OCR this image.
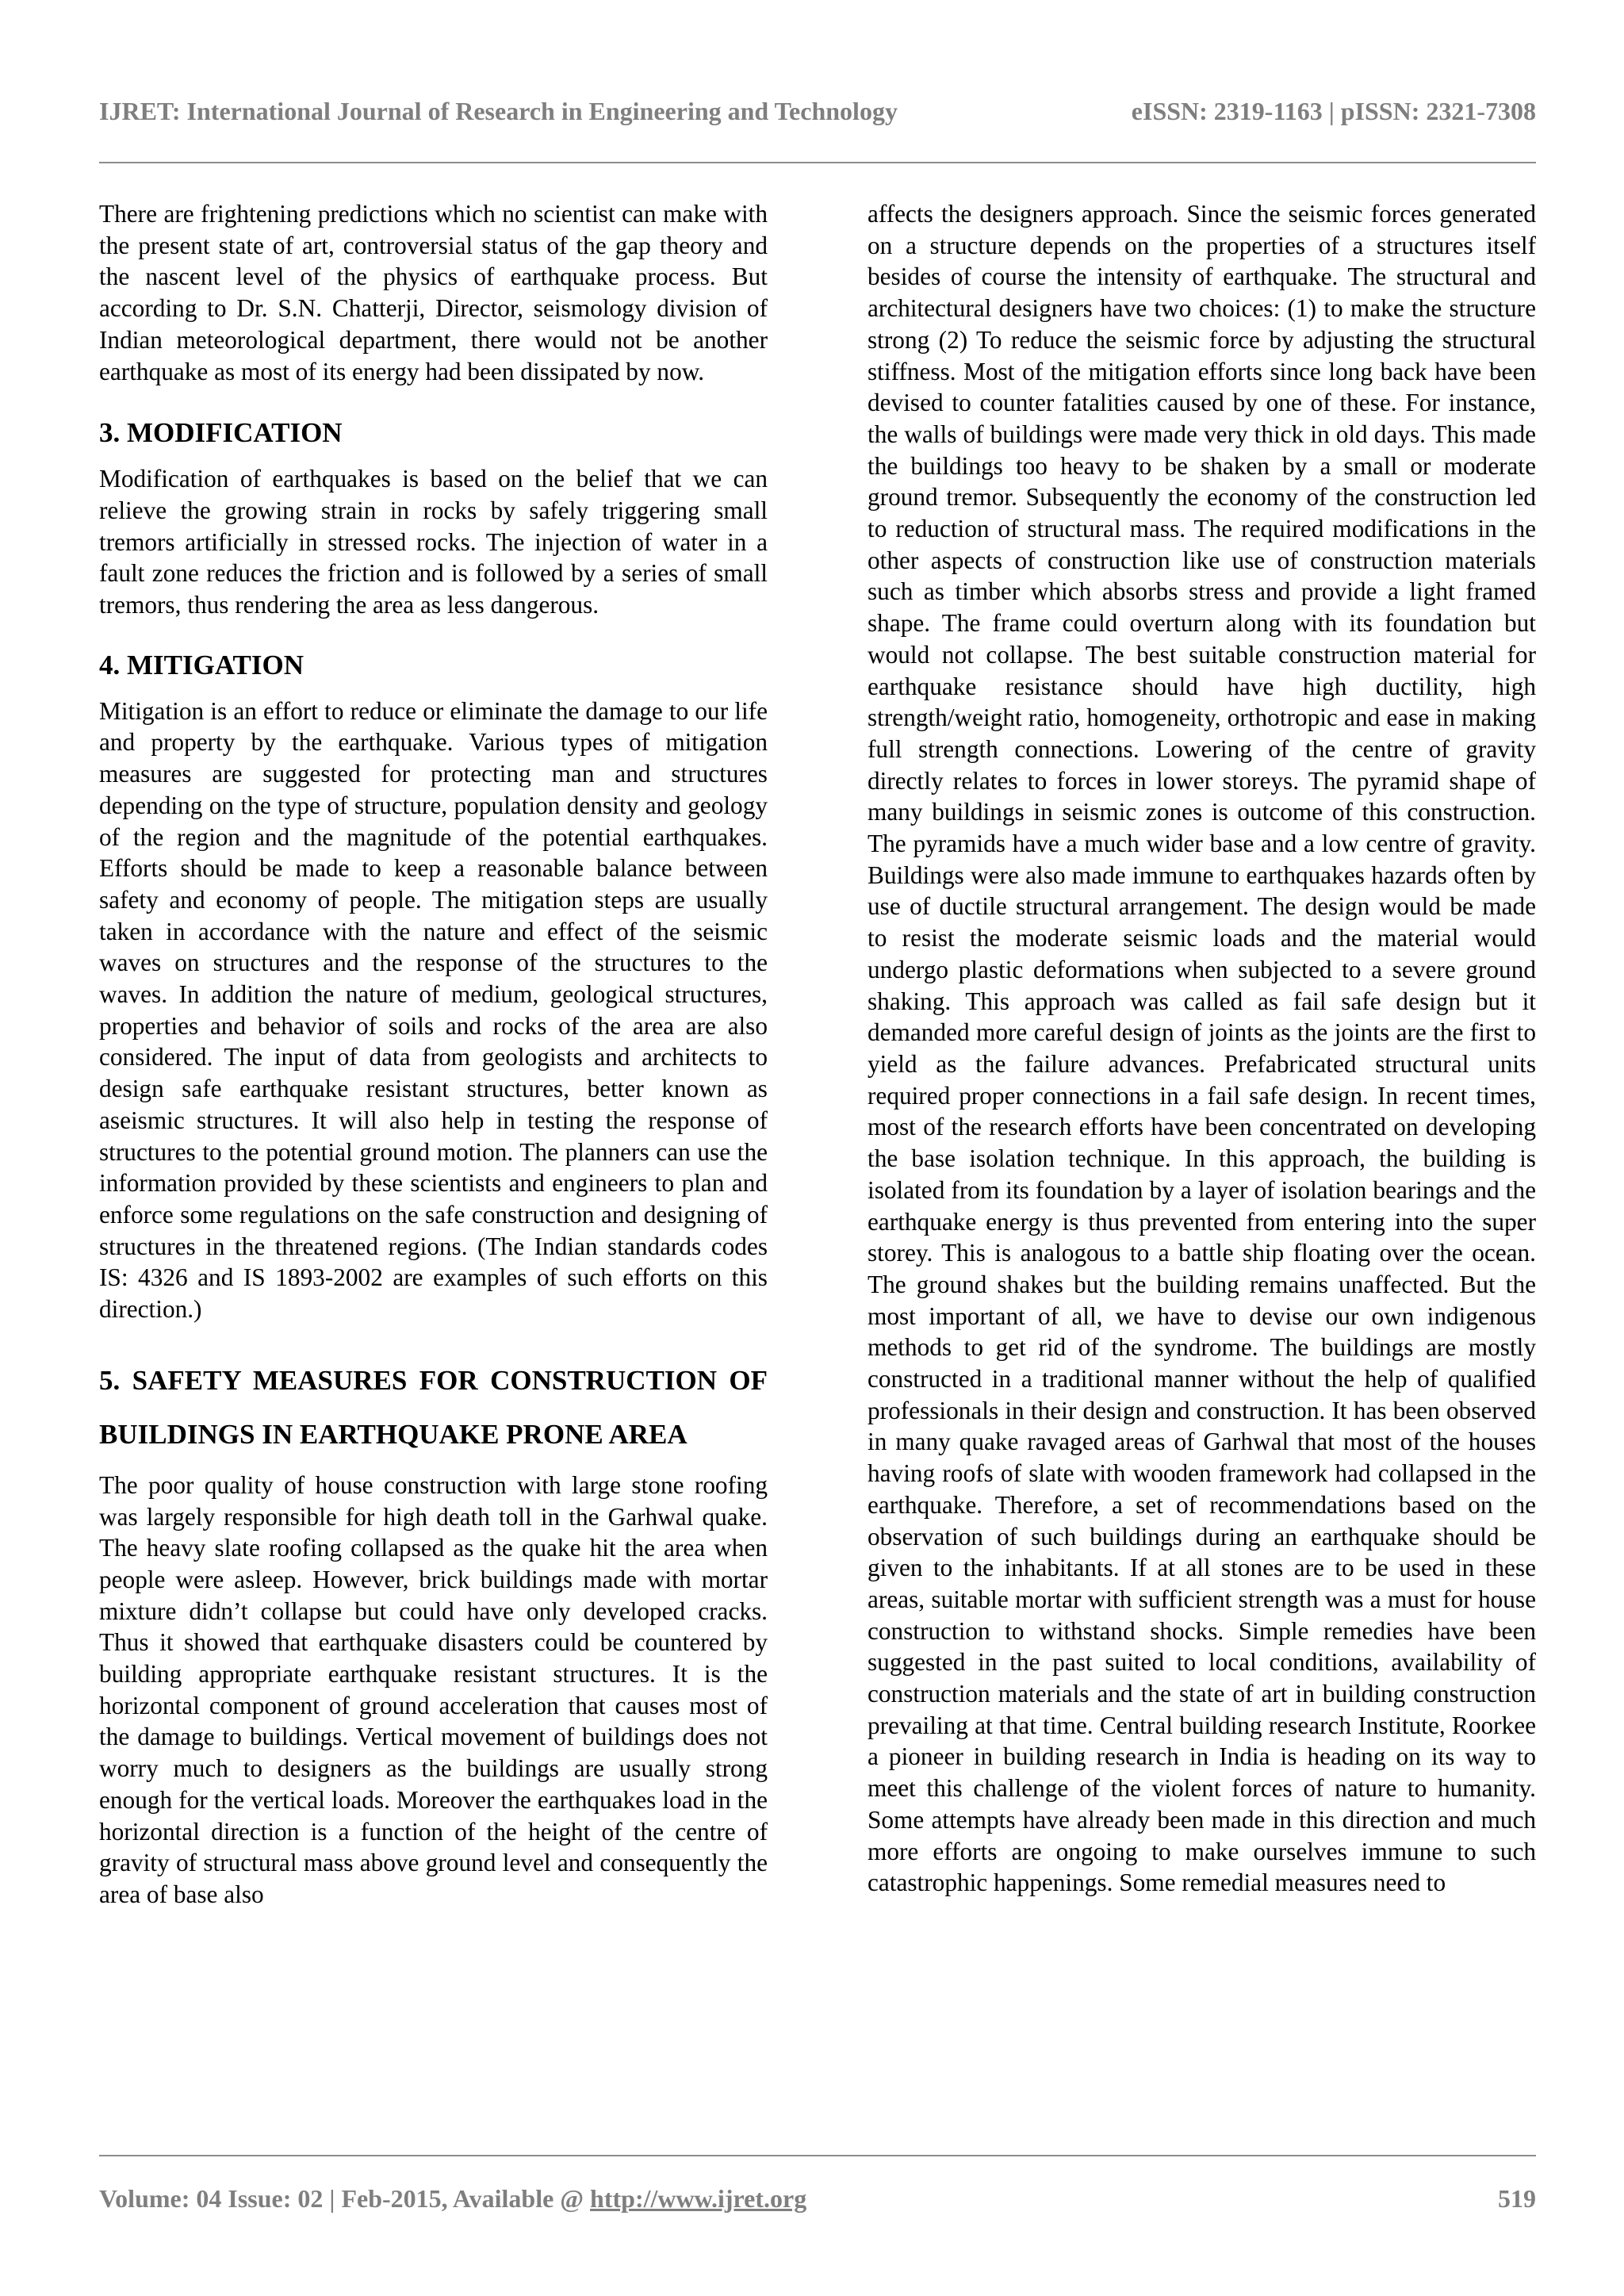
IJRET: International Journal of Research in Engineering and Technology	eISSN: 2319-1163 | pISSN: 2321-7308

There are frightening predictions which no scientist can make with the present state of art, controversial status of the gap theory and the nascent level of the physics of earthquake process. But according to Dr. S.N. Chatterji, Director, seismology division of Indian meteorological department, there would not be another earthquake as most of its energy had been dissipated by now.

3. MODIFICATION

Modification of earthquakes is based on the belief that we can relieve the growing strain in rocks by safely triggering small tremors artificially in stressed rocks. The injection of water in a fault zone reduces the friction and is followed by a series of small tremors, thus rendering the area as less dangerous.

4. MITIGATION

Mitigation is an effort to reduce or eliminate the damage to our life and property by the earthquake. Various types of mitigation measures are suggested for protecting man and structures depending on the type of structure, population density and geology of the region and the magnitude of the potential earthquakes. Efforts should be made to keep a reasonable balance between safety and economy of people. The mitigation steps are usually taken in accordance with the nature and effect of the seismic waves on structures and the response of the structures to the waves. In addition the nature of medium, geological structures, properties and behavior of soils and rocks of the area are also considered. The input of data from geologists and architects to design safe earthquake resistant structures, better known as aseismic structures. It will also help in testing the response of structures to the potential ground motion. The planners can use the information provided by these scientists and engineers to plan and enforce some regulations on the safe construction and designing of structures in the threatened regions. (The Indian standards codes IS: 4326 and IS 1893-2002 are examples of such efforts on this direction.)

5. SAFETY MEASURES FOR CONSTRUCTION OF BUILDINGS IN EARTHQUAKE PRONE AREA

The poor quality of house construction with large stone roofing was largely responsible for high death toll in the Garhwal quake. The heavy slate roofing collapsed as the quake hit the area when people were asleep. However, brick buildings made with mortar mixture didn’t collapse but could have only developed cracks. Thus it showed that earthquake disasters could be countered by building appropriate earthquake resistant structures. It is the horizontal component of ground acceleration that causes most of the damage to buildings. Vertical movement of buildings does not worry much to designers as the buildings are usually strong enough for the vertical loads. Moreover the earthquakes load in the horizontal direction is a function of the height of the centre of gravity of structural mass above ground level and consequently the area of base also

affects the designers approach. Since the seismic forces generated on a structure depends on the properties of a structures itself besides of course the intensity of earthquake. The structural and architectural designers have two choices: (1) to make the structure strong (2) To reduce the seismic force by adjusting the structural stiffness. Most of the mitigation efforts since long back have been devised to counter fatalities caused by one of these. For instance, the walls of buildings were made very thick in old days. This made the buildings too heavy to be shaken by a small or moderate ground tremor. Subsequently the economy of the construction led to reduction of structural mass. The required modifications in the other aspects of construction like use of construction materials such as timber which absorbs stress and provide a light framed shape. The frame could overturn along with its foundation but would not collapse. The best suitable construction material for earthquake resistance should have high ductility, high strength/weight ratio, homogeneity, orthotropic and ease in making full strength connections. Lowering of the centre of gravity directly relates to forces in lower storeys. The pyramid shape of many buildings in seismic zones is outcome of this construction. The pyramids have a much wider base and a low centre of gravity. Buildings were also made immune to earthquakes hazards often by use of ductile structural arrangement. The design would be made to resist the moderate seismic loads and the material would undergo plastic deformations when subjected to a severe ground shaking. This approach was called as fail safe design but it demanded more careful design of joints as the joints are the first to yield as the failure advances. Prefabricated structural units required proper connections in a fail safe design. In recent times, most of the research efforts have been concentrated on developing the base isolation technique. In this approach, the building is isolated from its foundation by a layer of isolation bearings and the earthquake energy is thus prevented from entering into the super storey. This is analogous to a battle ship floating over the ocean. The ground shakes but the building remains unaffected. But the most important of all, we have to devise our own indigenous methods to get rid of the syndrome. The buildings are mostly constructed in a traditional manner without the help of qualified professionals in their design and construction. It has been observed in many quake ravaged areas of Garhwal that most of the houses having roofs of slate with wooden framework had collapsed in the earthquake. Therefore, a set of recommendations based on the observation of such buildings during an earthquake should be given to the inhabitants. If at all stones are to be used in these areas, suitable mortar with sufficient strength was a must for house construction to withstand shocks. Simple remedies have been suggested in the past suited to local conditions, availability of construction materials and the state of art in building construction prevailing at that time. Central building research Institute, Roorkee a pioneer in building research in India is heading on its way to meet this challenge of the violent forces of nature to humanity. Some attempts have already been made in this direction and much more efforts are ongoing to make ourselves immune to such catastrophic happenings. Some remedial measures need to

Volume: 04 Issue: 02 | Feb-2015, Available @ http://www.ijret.org	519
